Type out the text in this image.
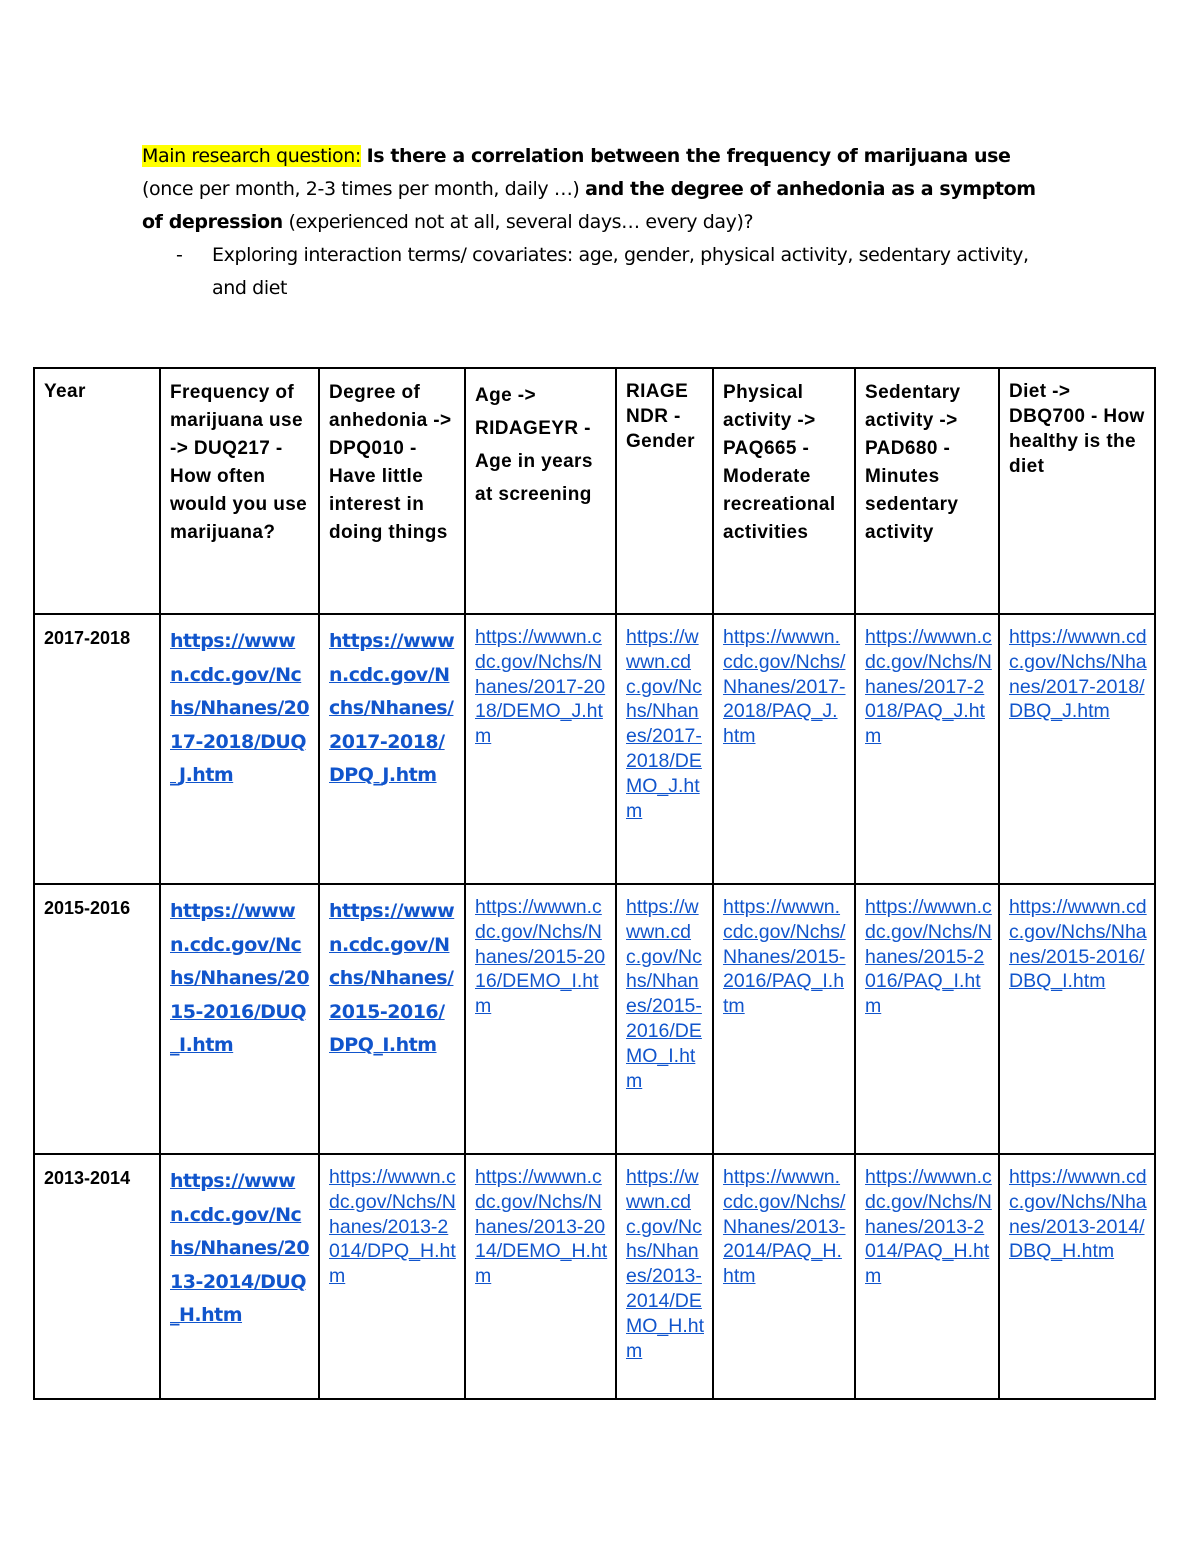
Main research question: Is there a correlation between the frequency of marijuana use (once per month, 2-3 times per month, daily …) and the degree of anhedonia as a symptom of depression (experienced not at all, several days… every day)?

- Exploring interaction terms/ covariates: age, gender, physical activity, sedentary activity, and diet

Year	Frequency of marijuana use -> DUQ217 - How often would you use marijuana?	Degree of anhedonia -> DPQ010 - Have little interest in doing things	Age -> RIDAGEYR - Age in years at screening	RIAGE NDR - Gender	Physical activity -> PAQ665 - Moderate recreational activities	Sedentary activity -> PAD680 - Minutes sedentary activity	Diet -> DBQ700 - How healthy is the diet

2017-2018	https://wwwn.cdc.gov/Nchs/Nhanes/2017-2018/DUQ_J.htm	https://wwwn.cdc.gov/Nchs/Nhanes/2017-2018/DPQ_J.htm	https://wwwn.cdc.gov/Nchs/Nhanes/2017-2018/DEMO_J.htm	https://wwwn.cdc.gov/Nchs/Nhanes/2017-2018/DEMO_J.htm	https://wwwn.cdc.gov/Nchs/Nhanes/2017-2018/PAQ_J.htm	https://wwwn.cdc.gov/Nchs/Nhanes/2017-2018/PAQ_J.htm	https://wwwn.cdc.gov/Nchs/Nhanes/2017-2018/DBQ_J.htm

2015-2016	https://wwwn.cdc.gov/Nchs/Nhanes/2015-2016/DUQ_I.htm	https://wwwn.cdc.gov/Nchs/Nhanes/2015-2016/DPQ_I.htm	https://wwwn.cdc.gov/Nchs/Nhanes/2015-2016/DEMO_I.htm	https://wwwn.cdc.gov/Nchs/Nhanes/2015-2016/DEMO_I.htm	https://wwwn.cdc.gov/Nchs/Nhanes/2015-2016/PAQ_I.htm	https://wwwn.cdc.gov/Nchs/Nhanes/2015-2016/PAQ_I.htm	https://wwwn.cdc.gov/Nchs/Nhanes/2015-2016/DBQ_I.htm

2013-2014	https://wwwn.cdc.gov/Nchs/Nhanes/2013-2014/DUQ_H.htm	https://wwwn.cdc.gov/Nchs/Nhanes/2013-2014/DPQ_H.htm	https://wwwn.cdc.gov/Nchs/Nhanes/2013-2014/DEMO_H.htm	https://wwwn.cdc.gov/Nchs/Nhanes/2013-2014/DEMO_H.htm	https://wwwn.cdc.gov/Nchs/Nhanes/2013-2014/PAQ_H.htm	https://wwwn.cdc.gov/Nchs/Nhanes/2013-2014/PAQ_H.htm	https://wwwn.cdc.gov/Nchs/Nhanes/2013-2014/DBQ_H.htm
